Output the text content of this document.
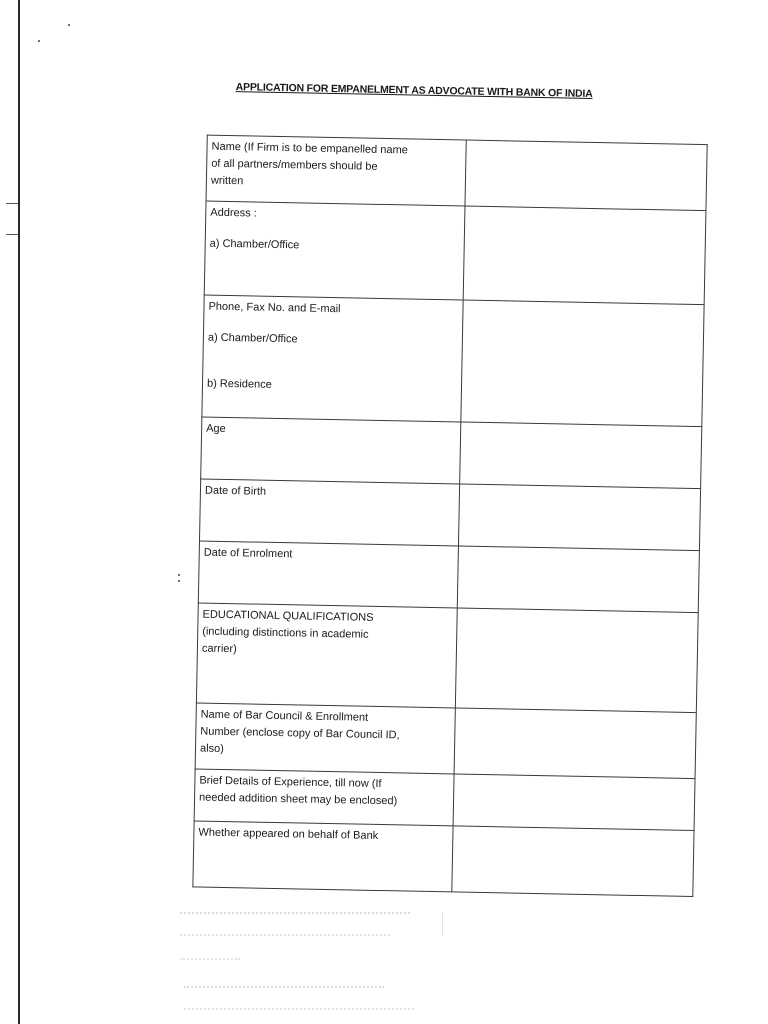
APPLICATION FOR EMPANELMENT AS ADVOCATE WITH BANK OF INDIA
Name (If Firm is to be empanelled name
of all partners/members should be
written	

Address :
a) Chamber/Office	

Phone, Fax No. and E-mail
a) Chamber/Office
b) Residence	

Age	

Date of Birth	

Date of Enrolment	

EDUCATIONAL QUALIFICATIONS
(including distinctions in academic
carrier)	

Name of Bar Council & Enrollment
Number (enclose copy of Bar Council ID,
also)	

Brief Details of Experience, till now (If
needed addition sheet may be enclosed)	

Whether appeared on behalf of Bank	
